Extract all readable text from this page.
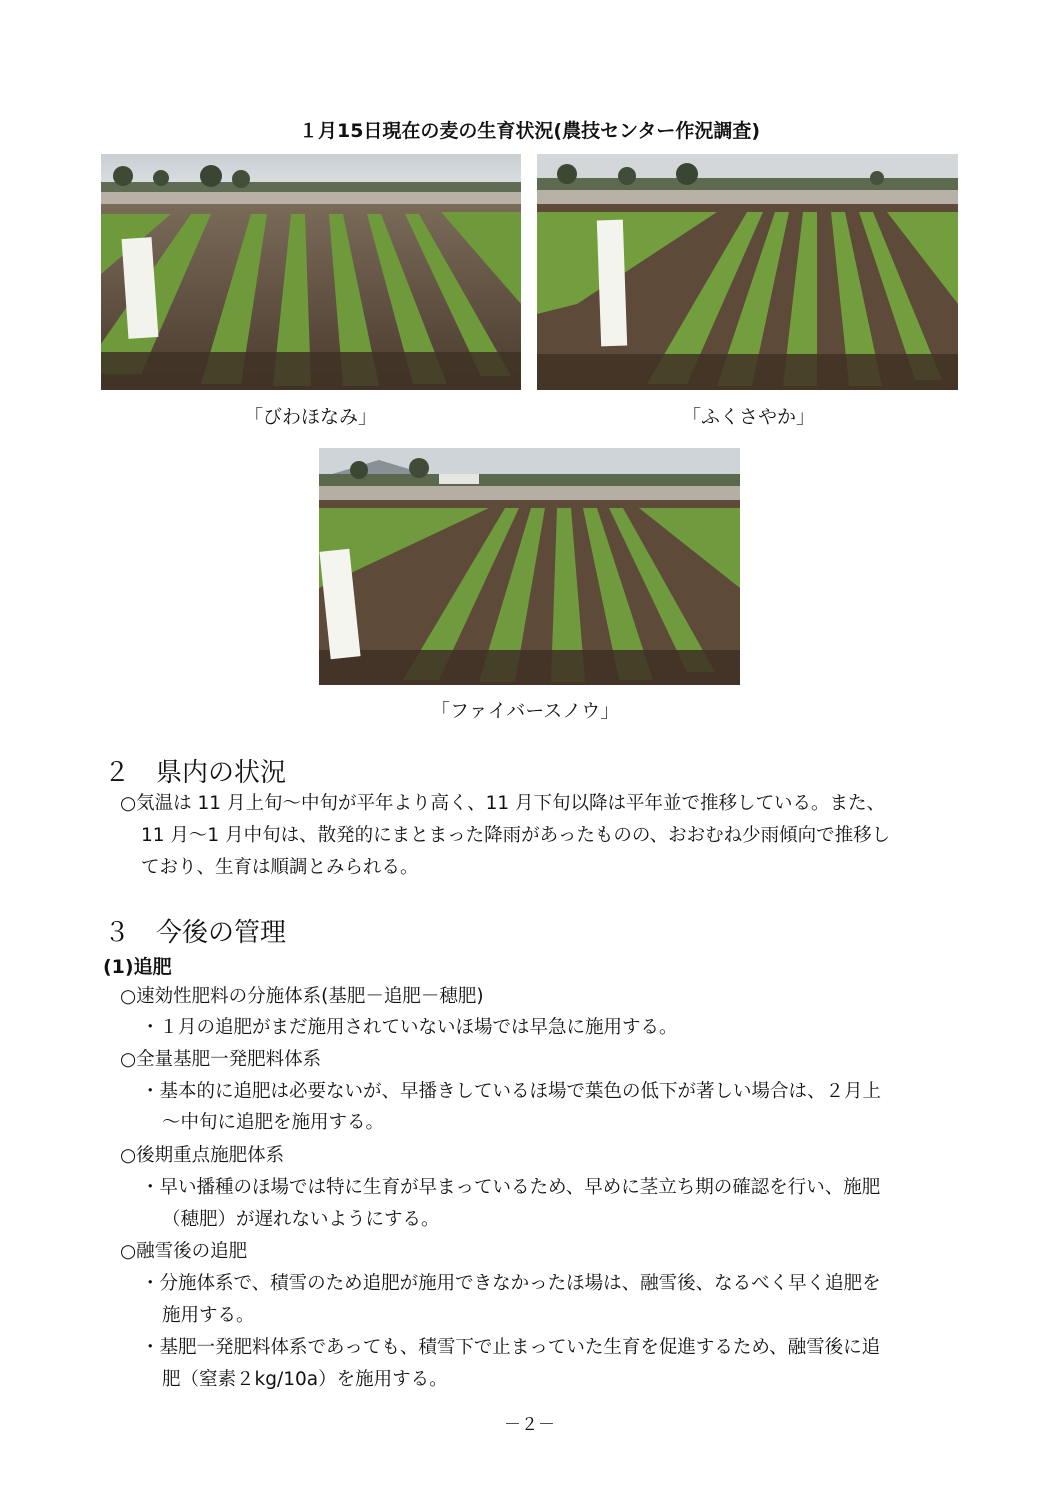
１月15日現在の麦の生育状況(農技センター作況調査)
「びわほなみ」	「ふくさやか」
「ファイバースノウ」
２ 県内の状況
○気温は 11 月上旬～中旬が平年より高く、11 月下旬以降は平年並で推移している。また、
11 月～1 月中旬は、散発的にまとまった降雨があったものの、おおむね少雨傾向で推移し
ており、生育は順調とみられる。
３ 今後の管理
(1)追肥
○速効性肥料の分施体系(基肥－追肥－穂肥)
・１月の追肥がまだ施用されていないほ場では早急に施用する。
○全量基肥一発肥料体系
・基本的に追肥は必要ないが、早播きしているほ場で葉色の低下が著しい場合は、２月上
～中旬に追肥を施用する。
○後期重点施肥体系
・早い播種のほ場では特に生育が早まっているため、早めに茎立ち期の確認を行い、施肥
（穂肥）が遅れないようにする。
○融雪後の追肥
・分施体系で、積雪のため追肥が施用できなかったほ場は、融雪後、なるべく早く追肥を
施用する。
・基肥一発肥料体系であっても、積雪下で止まっていた生育を促進するため、融雪後に追
肥（窒素２kg/10a）を施用する。
－２－
